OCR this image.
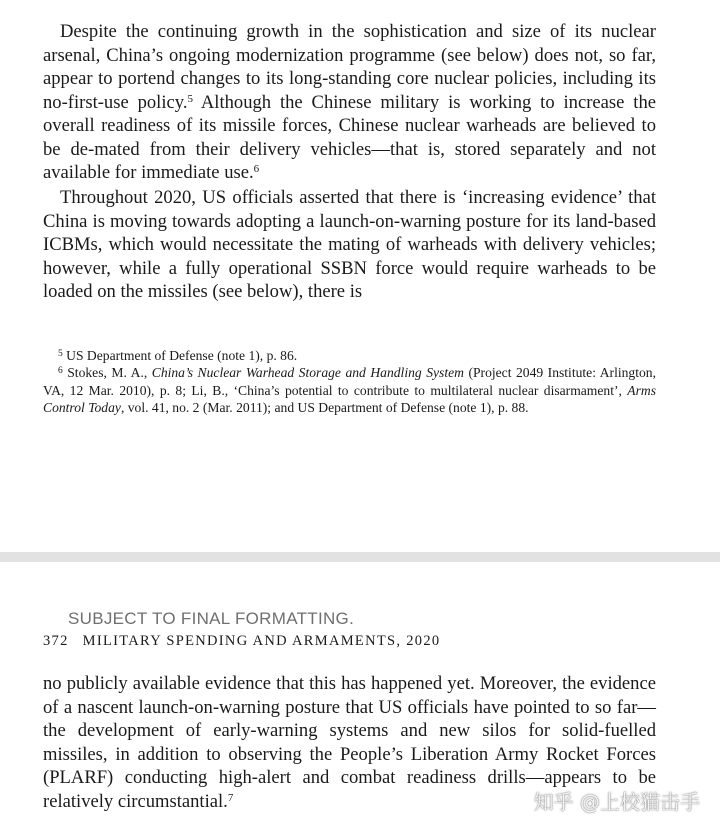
Despite the continuing growth in the sophistication and size of its nuclear arsenal, China’s ongoing modernization programme (see below) does not, so far, appear to portend changes to its long-standing core nuclear policies, including its no-first-use policy.$^5$ Although the Chinese military is working to increase the overall readiness of its missile forces, Chinese nuclear warheads are believed to be de-mated from their delivery vehicles—that is, stored separately and not available for immediate use.$^6$

Throughout 2020, US officials asserted that there is ‘increasing evidence’ that China is moving towards adopting a launch-on-warning posture for its land-based ICBMs, which would necessitate the mating of warheads with delivery vehicles; however, while a fully operational SSBN force would require warheads to be loaded on the missiles (see below), there is

$^5$ US Department of Defense (note 1), p. 86.

$^6$ Stokes, M. A., China’s Nuclear Warhead Storage and Handling System (Project 2049 Institute: Arlington, VA, 12 Mar. 2010), p. 8; Li, B., ‘China’s potential to contribute to multilateral nuclear disarmament’, Arms Control Today, vol. 41, no. 2 (Mar. 2011); and US Department of Defense (note 1), p. 88.

SUBJECT TO FINAL FORMATTING.

372 MILITARY SPENDING AND ARMAMENTS, 2020

no publicly available evidence that this has happened yet. Moreover, the evidence of a nascent launch-on-warning posture that US officials have pointed to so far—the development of early-warning systems and new silos for solid-fuelled missiles, in addition to observing the People’s Liberation Army Rocket Forces (PLARF) conducting high-alert and combat readiness drills—appears to be relatively circumstantial.$^7$	知乎 @上校猫击手
